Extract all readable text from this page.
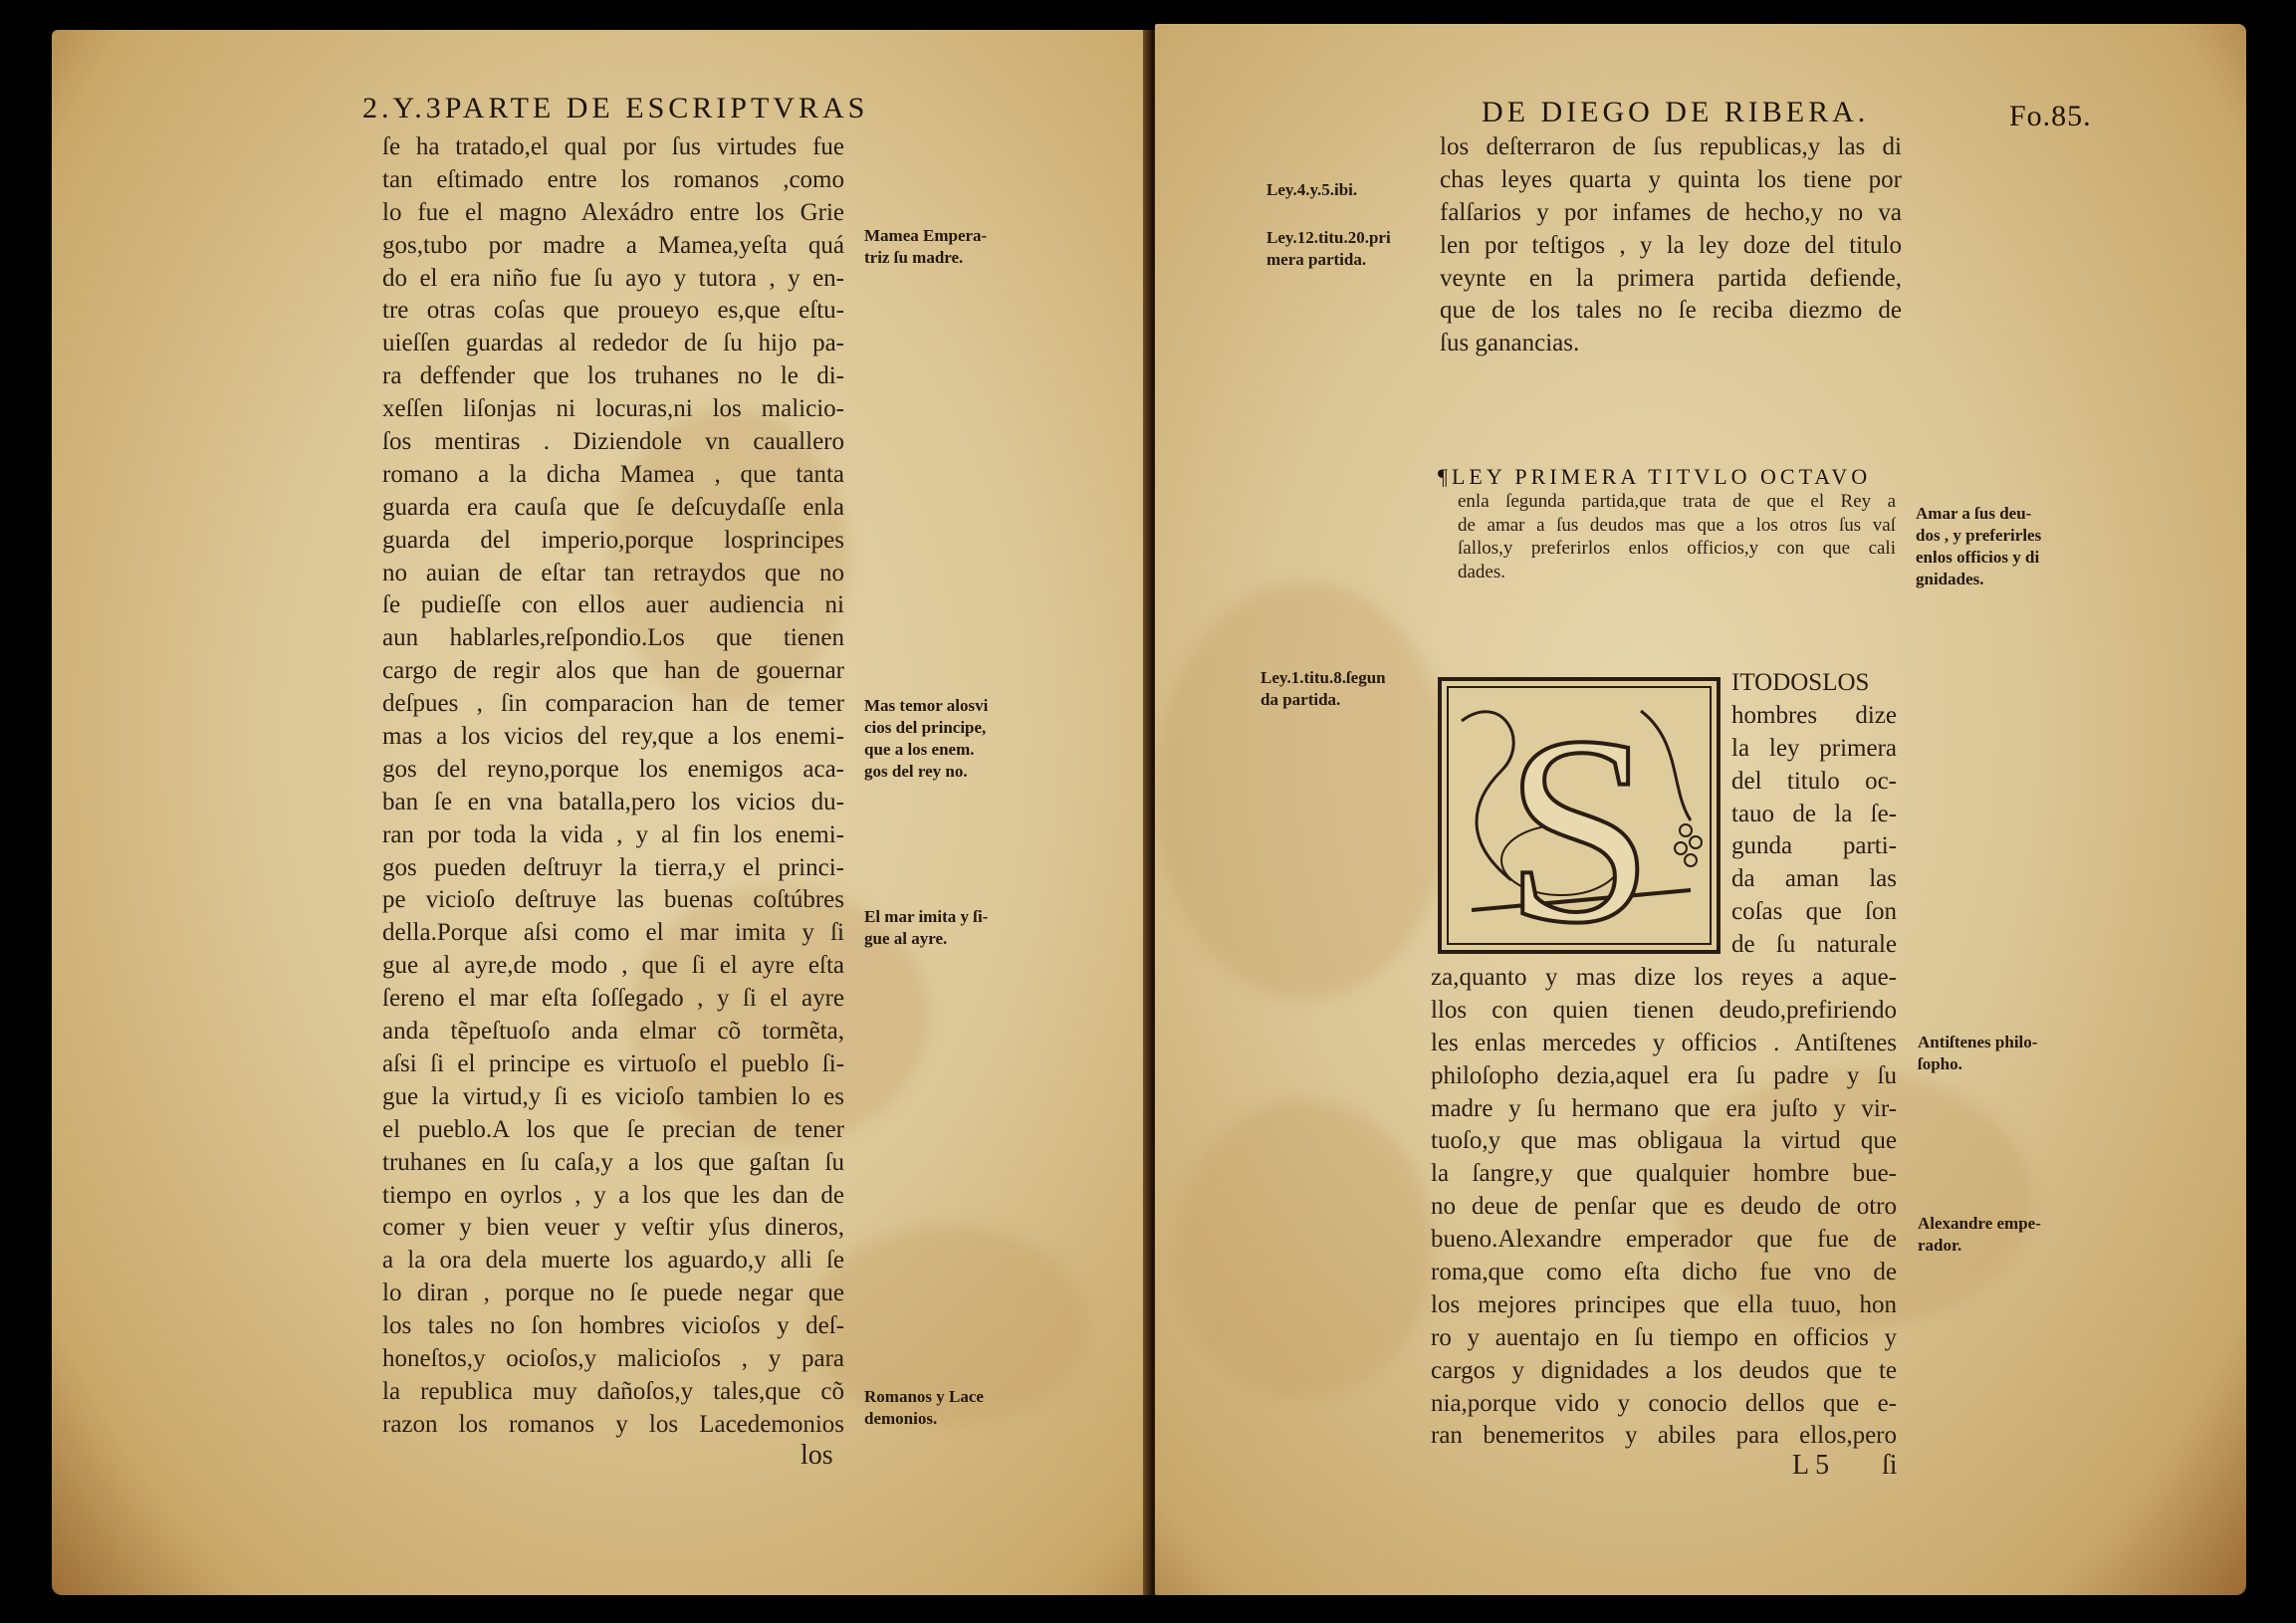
2.Y.3PARTE DE ESCRIPTVRAS
ſe ha tratado,el qual por ſus virtudes fue
tan eſtimado entre los romanos ,como
lo fue el magno Alexádro entre los Grie
gos,tubo por madre a Mamea,yeſta quá
do el era niño fue ſu ayo y tutora , y en-
tre otras coſas que proueyo es,que eſtu-
uieſſen guardas al rededor de ſu hijo pa-
ra deffender que los truhanes no le di-
xeſſen liſonjas ni locuras,ni los malicio-
ſos mentiras . Diziendole vn cauallero
romano a la dicha Mamea , que tanta
guarda era cauſa que ſe deſcuydaſſe enla
guarda del imperio,porque losprincipes
no auian de eſtar tan retraydos que no
ſe pudieſſe con ellos auer audiencia ni
aun hablarles,reſpondio.Los que tienen
cargo de regir alos que han de gouernar
deſpues , ſin comparacion han de temer
mas a los vicios del rey,que a los enemi-
gos del reyno,porque los enemigos aca-
ban ſe en vna batalla,pero los vicios du-
ran por toda la vida , y al fin los enemi-
gos pueden deſtruyr la tierra,y el princi-
pe vicioſo deſtruye las buenas coſtúbres
della.Porque aſsi como el mar imita y ſi
gue al ayre,de modo , que ſi el ayre eſta
ſereno el mar eſta ſoſſegado , y ſi el ayre
anda tẽpeſtuoſo anda elmar cõ tormẽta,
aſsi ſi el principe es virtuoſo el pueblo ſi-
gue la virtud,y ſi es vicioſo tambien lo es
el pueblo.A los que ſe precian de tener
truhanes en ſu caſa,y a los que gaſtan ſu
tiempo en oyrlos , y a los que les dan de
comer y bien veuer y veſtir yſus dineros,
a la ora dela muerte los aguardo,y alli ſe
lo diran , porque no ſe puede negar que
los tales no ſon hombres vicioſos y deſ-
honeſtos,y ocioſos,y malicioſos , y para
la republica muy dañoſos,y tales,que cõ
razon los romanos y los Lacedemonios
los
Mamea Empera-
triz ſu madre.
Mas temor alosvi
cios del principe,
que a los enem.
gos del rey no.
El mar imita y ſi-
gue al ayre.
Romanos y Lace
demonios.
DE DIEGO DE RIBERA.	Fo.85.
los deſterraron de ſus republicas,y las di
chas leyes quarta y quinta los tiene por
falſarios y por infames de hecho,y no va
len por teſtigos , y la ley doze del titulo
veynte en la primera partida defiende,
que de los tales no ſe reciba diezmo de
ſus ganancias.
Ley.4.y.5.ibi.
Ley.12.titu.20.pri
mera partida.
Ley.1.titu.8.ſegun
da partida.
¶LEY PRIMERA TITVLO OCTAVO
enla ſegunda partida,que trata de que el Rey a
de amar a ſus deudos mas que a los otros ſus vaſ
ſallos,y preferirlos enlos officios,y con que cali
dades.
S	ITODOSLOS
hombres dize
la ley primera
del titulo oc-
tauo de la ſe-
gunda parti-
da aman las
coſas que ſon
de ſu naturale
za,quanto y mas dize los reyes a aque-
llos con quien tienen deudo,prefiriendo
les enlas mercedes y officios . Antiſtenes
philoſopho dezia,aquel era ſu padre y ſu
madre y ſu hermano que era juſto y vir-
tuoſo,y que mas obligaua la virtud que
la ſangre,y que qualquier hombre bue-
no deue de penſar que es deudo de otro
bueno.Alexandre emperador que fue de
roma,que como eſta dicho fue vno de
los mejores principes que ella tuuo, hon
ro y auentajo en ſu tiempo en officios y
cargos y dignidades a los deudos que te
nia,porque vido y conocio dellos que e-
ran benemeritos y abiles para ellos,pero
Amar a ſus deu-
dos , y preferirles
enlos officios y di
gnidades.
Antiſtenes philo-
ſopho.
Alexandre empe-
rador.
L 5 ſi
